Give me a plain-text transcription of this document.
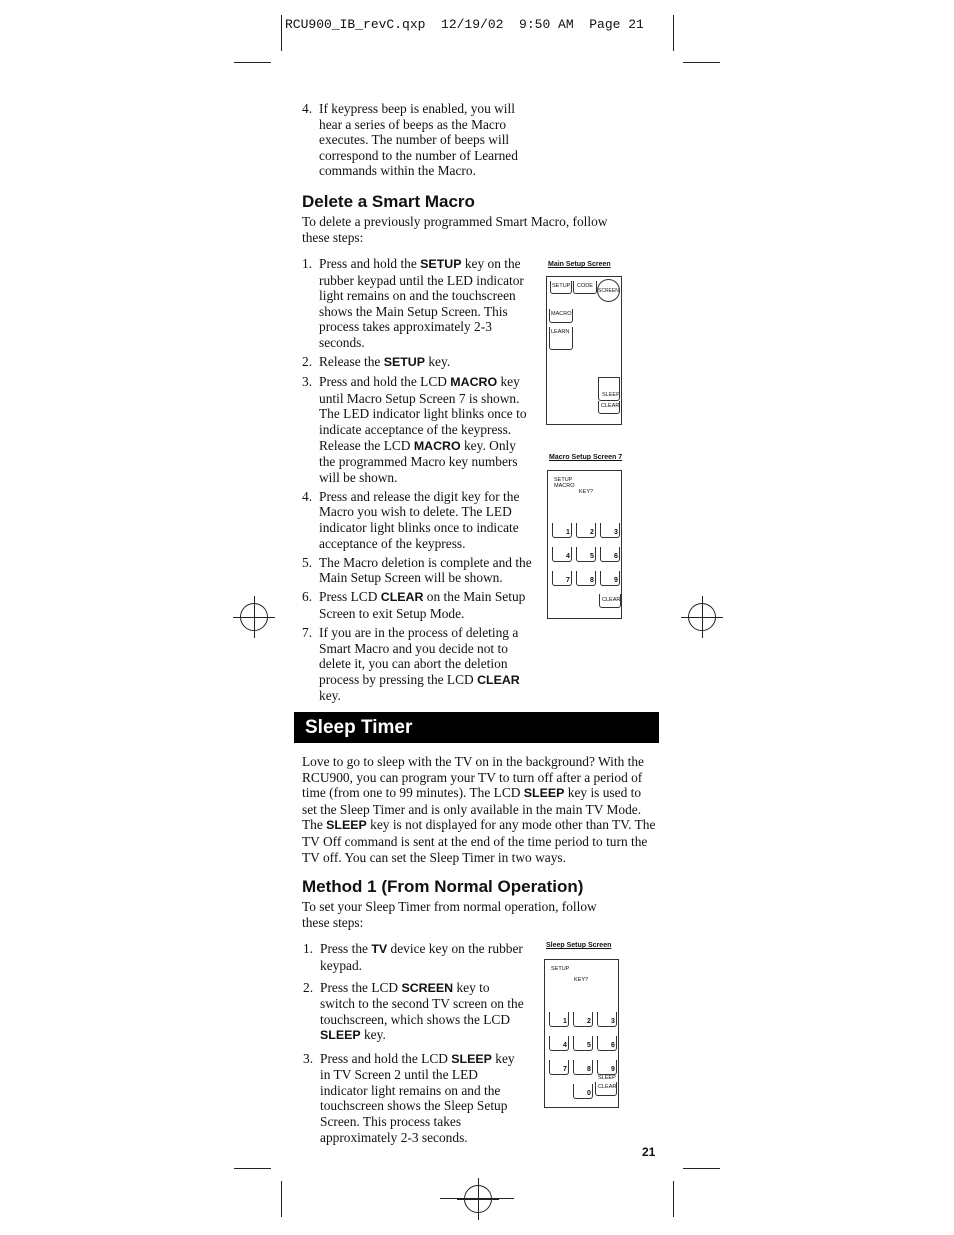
RCU900_IB_revC.qxp  12/19/02  9:50 AM  Page 21
4. If keypress beep is enabled, you will hear a series of beeps as the Macro executes. The number of beeps will correspond to the number of Learned commands within the Macro.
Delete a Smart Macro
To delete a previously programmed Smart Macro, follow these steps:
1. Press and hold the SETUP key on the rubber keypad until the LED indicator light remains on and the touchscreen shows the Main Setup Screen. This process takes approximately 2-3 seconds.
2. Release the SETUP key.
3. Press and hold the LCD MACRO key until Macro Setup Screen 7 is shown. The LED indicator light blinks once to indicate acceptance of the keypress. Release the LCD MACRO key. Only the programmed Macro key numbers will be shown.
4. Press and release the digit key for the Macro you wish to delete. The LED indicator light blinks once to indicate acceptance of the keypress.
5. The Macro deletion is complete and the Main Setup Screen will be shown.
6. Press LCD CLEAR on the Main Setup Screen to exit Setup Mode.
7. If you are in the process of deleting a Smart Macro and you decide not to delete it, you can abort the deletion process by pressing the LCD CLEAR key.
Main Setup Screen
SETUP CODE
SCREEN
MACRO
LEARN
SLEEP
CLEAR
Macro Setup Screen 7
SETUP
MACRO
KEY?
CLEAR
1	2	3
4	5	6
7	8	9
Sleep Timer
Love to go to sleep with the TV on in the background? With the RCU900, you can program your TV to turn off after a period of time (from one to 99 minutes). The LCD SLEEP key is used to set the Sleep Timer and is only available in the main TV Mode. The SLEEP key is not displayed for any mode other than TV. The TV Off command is sent at the end of the time period to turn the TV off. You can set the Sleep Timer in two ways.
Method 1 (From Normal Operation)
To set your Sleep Timer from normal operation, follow these steps:
1. Press the TV device key on the rubber keypad.
2. Press the LCD SCREEN key to switch to the second TV screen on the touchscreen, which shows the LCD SLEEP key.
3. Press and hold the LCD SLEEP key in TV Screen 2 until the LED indicator light remains on and the touchscreen shows the Sleep Setup Screen. This process takes approximately 2-3 seconds.
Sleep Setup Screen
SETUP
KEY?
SLEEP
CLEAR
1	2	3
4	5	6
7	8	9
0
21
